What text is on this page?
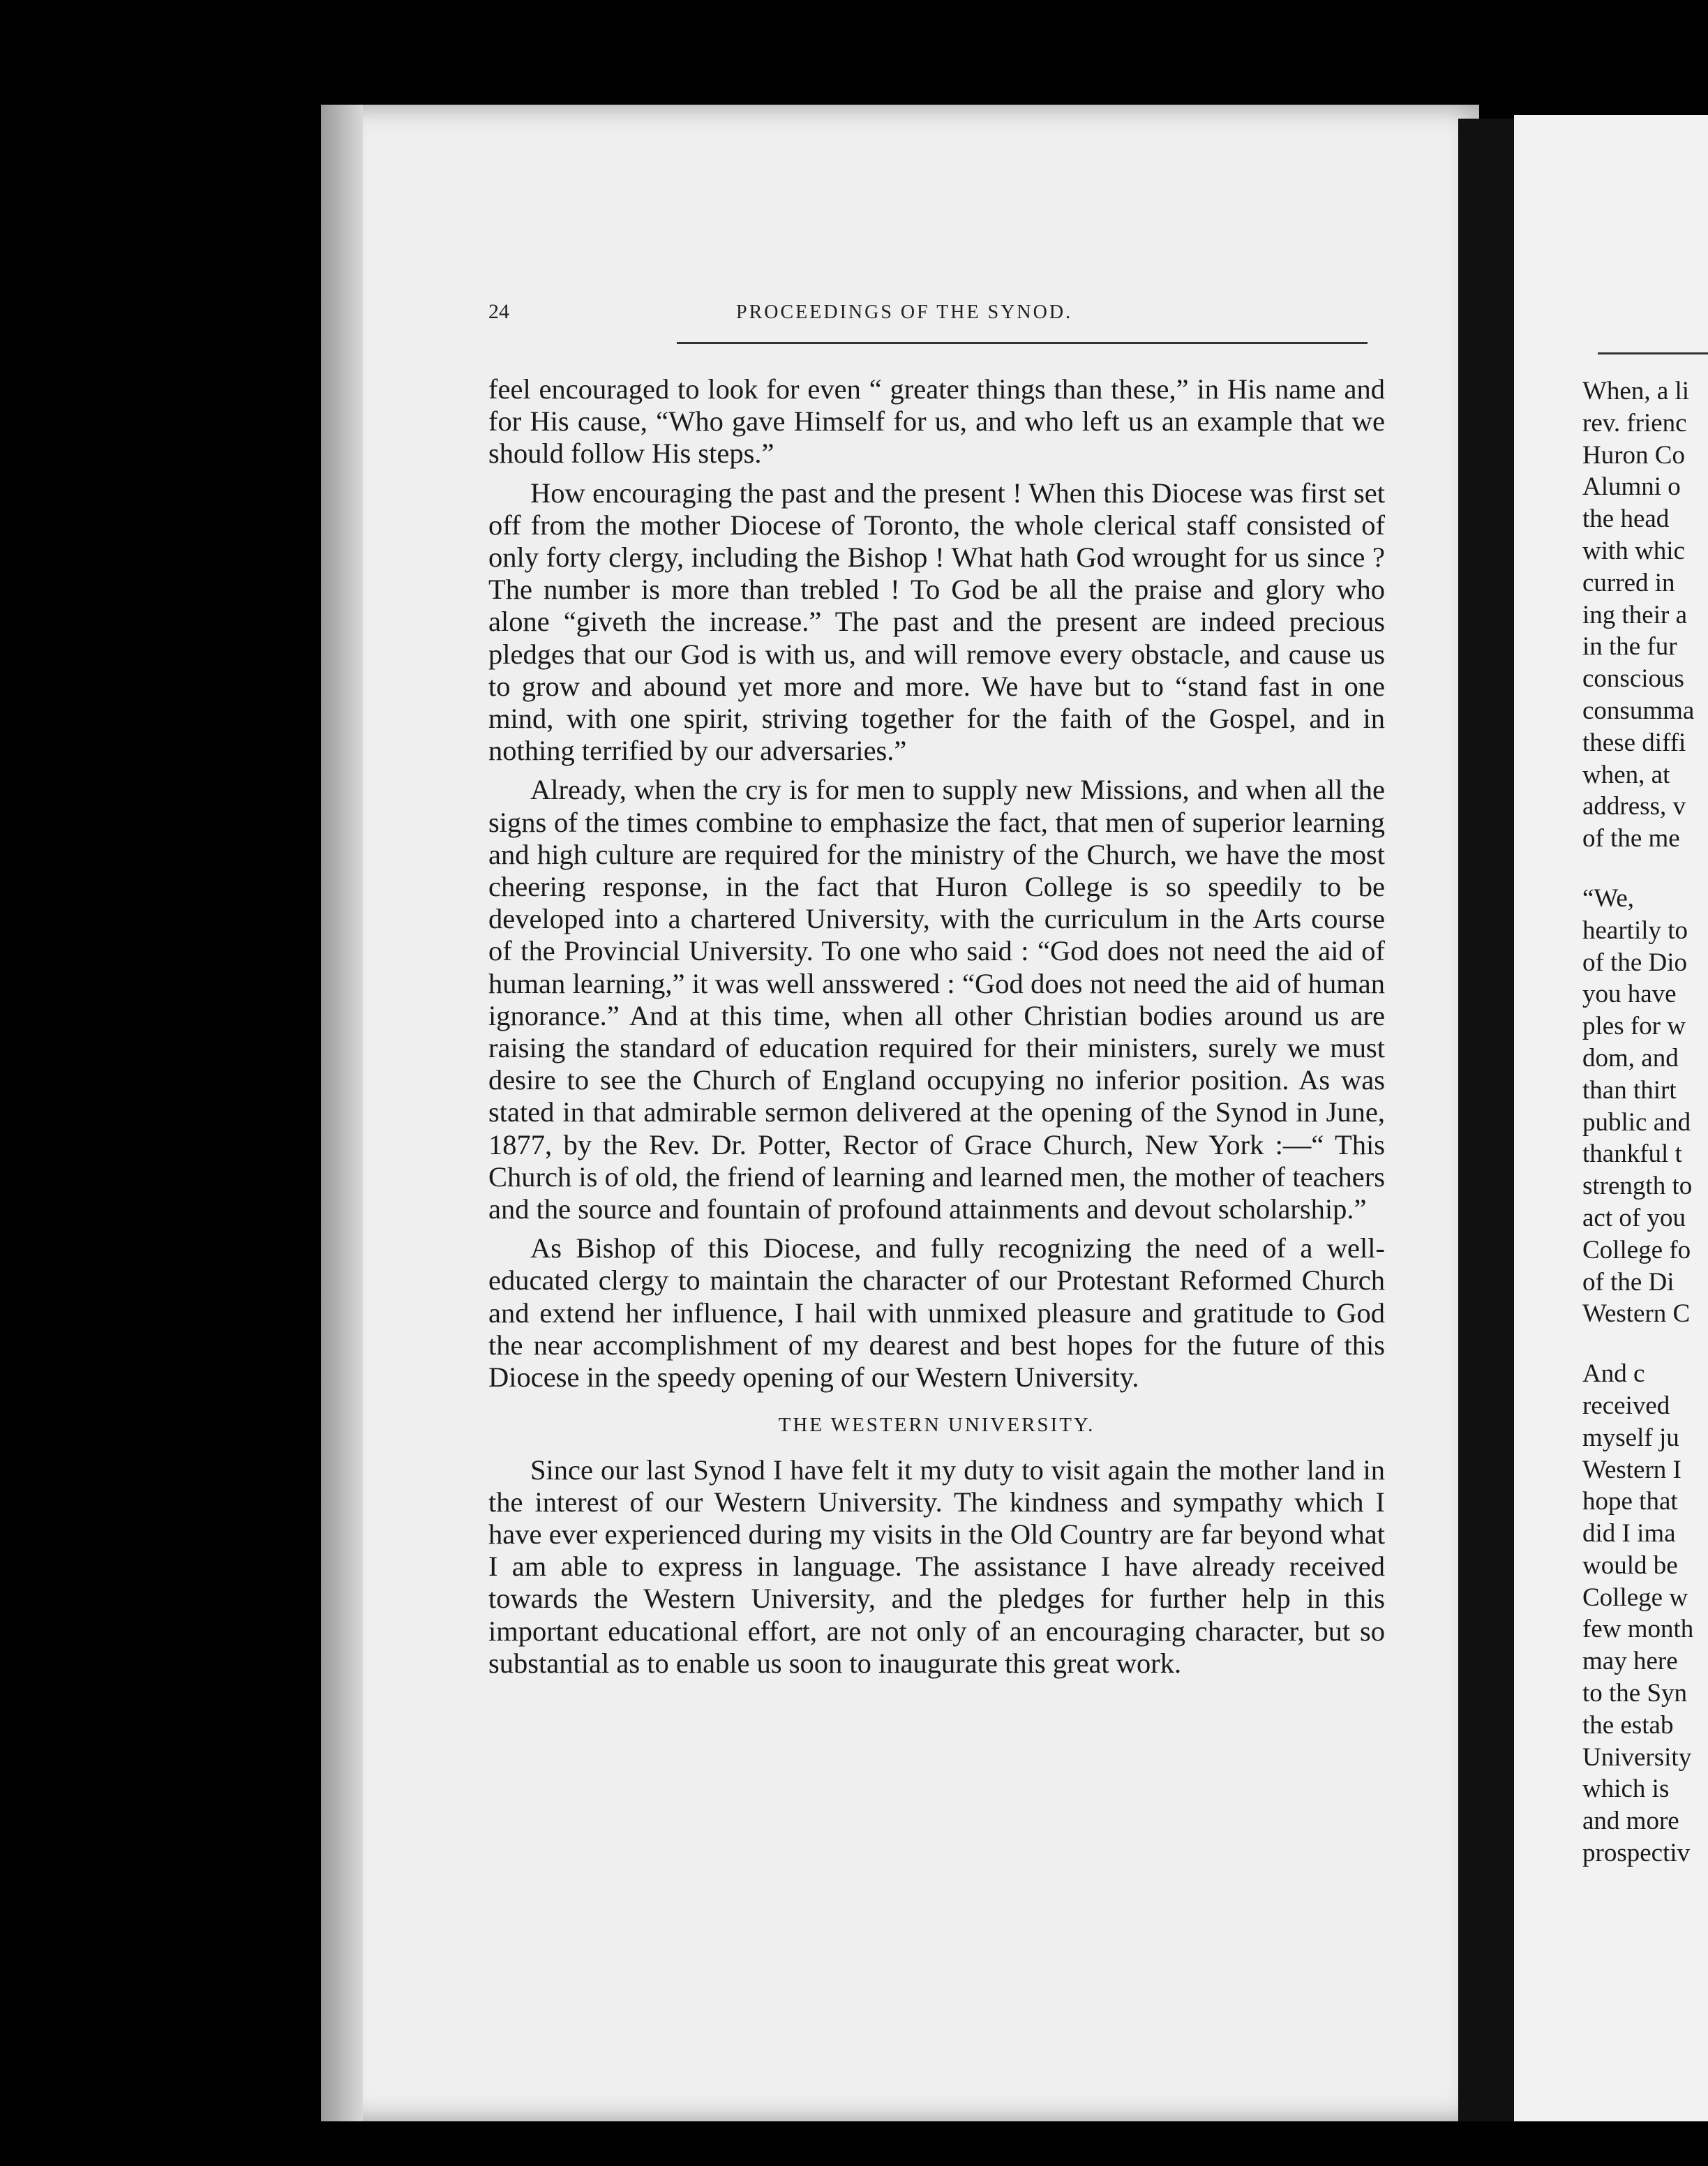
24	PROCEEDINGS OF THE SYNOD.

feel encouraged to look for even “ greater things than these,” in His name and for His cause, “Who gave Himself for us, and who left us an example that we should follow His steps.”

How encouraging the past and the present ! When this Diocese was first set off from the mother Diocese of Toronto, the whole clerical staff consisted of only forty clergy, including the Bishop ! What hath God wrought for us since ? The number is more than trebled ! To God be all the praise and glory who alone “giveth the increase.” The past and the present are indeed precious pledges that our God is with us, and will remove every obstacle, and cause us to grow and abound yet more and more. We have but to “stand fast in one mind, with one spirit, striving together for the faith of the Gospel, and in nothing terrified by our adversaries.”

Already, when the cry is for men to supply new Missions, and when all the signs of the times combine to emphasize the fact, that men of superior learning and high culture are required for the ministry of the Church, we have the most cheering response, in the fact that Huron College is so speedily to be developed into a chartered University, with the curriculum in the Arts course of the Provincial University. To one who said : “God does not need the aid of human learning,” it was well ansswered : “God does not need the aid of human ignorance.” And at this time, when all other Christian bodies around us are raising the standard of education required for their ministers, surely we must desire to see the Church of England occupying no inferior position. As was stated in that admirable sermon delivered at the opening of the Synod in June, 1877, by the Rev. Dr. Potter, Rector of Grace Church, New York :—“ This Church is of old, the friend of learning and learned men, the mother of teachers and the source and fountain of profound attainments and devout scholarship.”

As Bishop of this Diocese, and fully recognizing the need of a well-educated clergy to maintain the character of our Protestant Reformed Church and extend her influence, I hail with unmixed pleasure and gratitude to God the near accomplishment of my dearest and best hopes for the future of this Diocese in the speedy opening of our Western University.

THE WESTERN UNIVERSITY.

Since our last Synod I have felt it my duty to visit again the mother land in the interest of our Western University. The kindness and sympathy which I have ever experienced during my visits in the Old Country are far beyond what I am able to express in language. The assistance I have already received towards the Western University, and the pledges for further help in this important educational effort, are not only of an encouraging character, but so substantial as to enable us soon to inaugurate this great work.

When, a li
rev. frienc
Huron Co
Alumni o
the head
with whic
curred in
ing their a
in the fur
conscious
consumma
these diffi
when, at
address, v
of the me
“We,
heartily to
of the Dio
you have
ples for w
dom, and
than thirt
public and
thankful t
strength to
act of you
College fo
of the Di
Western C
And c
received
myself ju
Western I
hope that
did I ima
would be
College w
few month
may here
to the Syn
the estab
University
which is
and more
prospectiv
